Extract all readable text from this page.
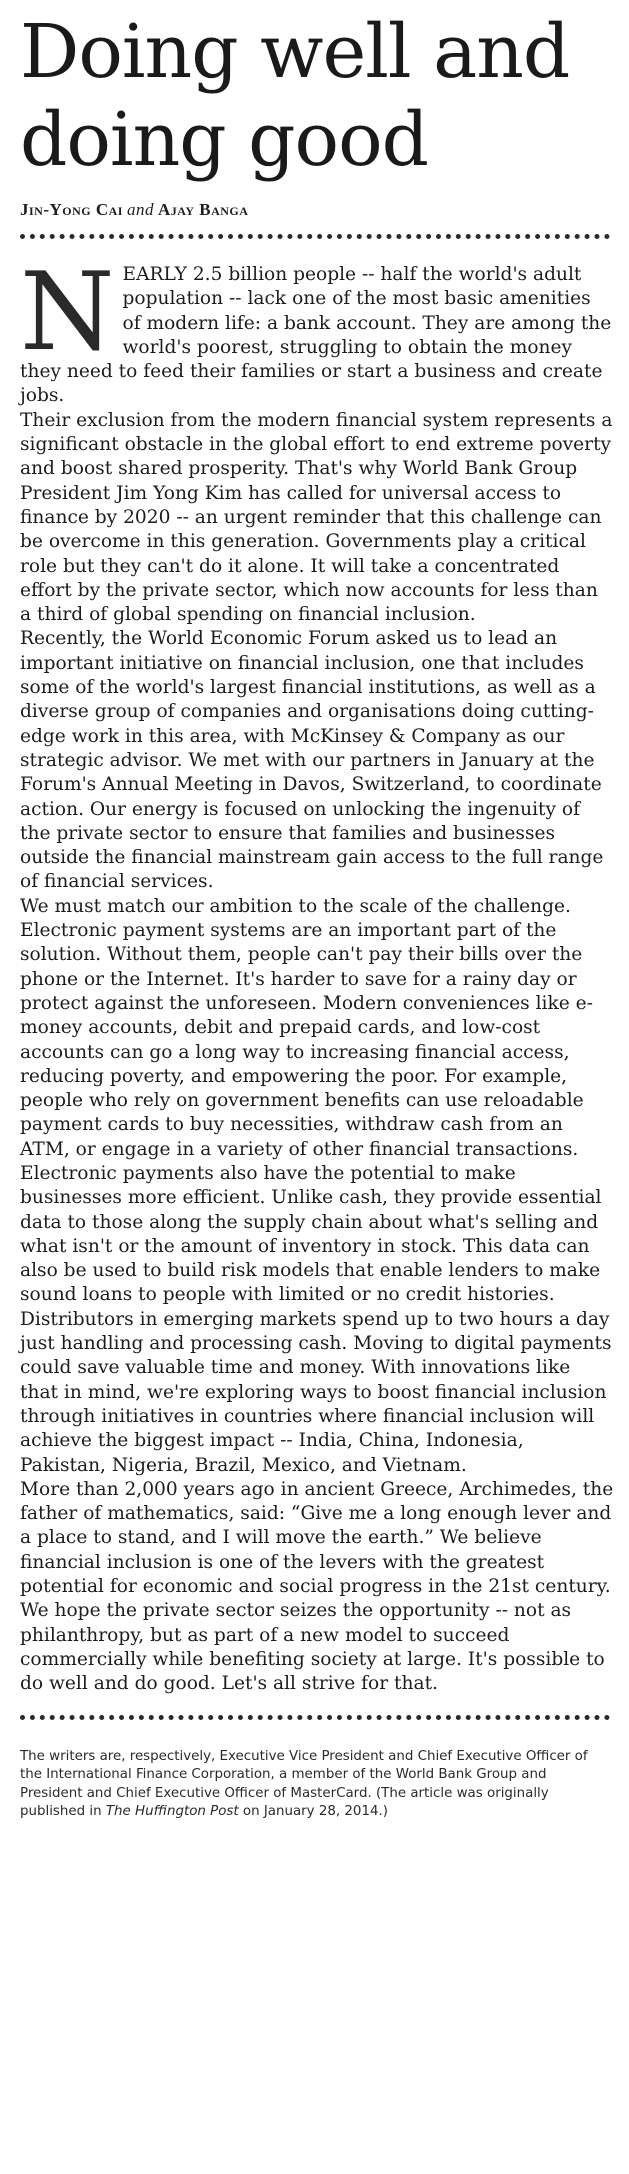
Doing well and
doing good
Jin-Yong Cai and Ajay Banga
N EARLY 2.5 billion people -- half the world's adult population -- lack one of the most basic amenities of modern life: a bank account. They are among the world's poorest, struggling to obtain the money they need to feed their families or start a business and create jobs.

Their exclusion from the modern financial system represents a significant obstacle in the global effort to end extreme poverty and boost shared prosperity. That's why World Bank Group President Jim Yong Kim has called for universal access to finance by 2020 -- an urgent reminder that this challenge can be overcome in this generation. Governments play a critical role but they can't do it alone. It will take a concentrated effort by the private sector, which now accounts for less than a third of global spending on financial inclusion.

Recently, the World Economic Forum asked us to lead an important initiative on financial inclusion, one that includes some of the world's largest financial institutions, as well as a diverse group of companies and organisations doing cutting-edge work in this area, with McKinsey & Company as our strategic advisor. We met with our partners in January at the Forum's Annual Meeting in Davos, Switzerland, to coordinate action. Our energy is focused on unlocking the ingenuity of the private sector to ensure that families and businesses outside the financial mainstream gain access to the full range of financial services.

We must match our ambition to the scale of the challenge. Electronic payment systems are an important part of the solution. Without them, people can't pay their bills over the phone or the Internet. It's harder to save for a rainy day or protect against the unforeseen. Modern conveniences like e-money accounts, debit and prepaid cards, and low-cost accounts can go a long way to increasing financial access, reducing poverty, and empowering the poor. For example, people who rely on government benefits can use reloadable payment cards to buy necessities, withdraw cash from an ATM, or engage in a variety of other financial transactions.

Electronic payments also have the potential to make businesses more efficient. Unlike cash, they provide essential data to those along the supply chain about what's selling and what isn't or the amount of inventory in stock. This data can also be used to build risk models that enable lenders to make sound loans to people with limited or no credit histories.

Distributors in emerging markets spend up to two hours a day just handling and processing cash. Moving to digital payments could save valuable time and money. With innovations like that in mind, we're exploring ways to boost financial inclusion through initiatives in countries where financial inclusion will achieve the biggest impact -- India, China, Indonesia, Pakistan, Nigeria, Brazil, Mexico, and Vietnam.

More than 2,000 years ago in ancient Greece, Archimedes, the father of mathematics, said: “Give me a long enough lever and a place to stand, and I will move the earth.” We believe financial inclusion is one of the levers with the greatest potential for economic and social progress in the 21st century.

We hope the private sector seizes the opportunity -- not as philanthropy, but as part of a new model to succeed commercially while benefiting society at large. It's possible to do well and do good. Let's all strive for that.

The writers are, respectively, Executive Vice President and Chief Executive Officer of the International Finance Corporation, a member of the World Bank Group and President and Chief Executive Officer of MasterCard. (The article was originally published in The Huffington Post on January 28, 2014.)
